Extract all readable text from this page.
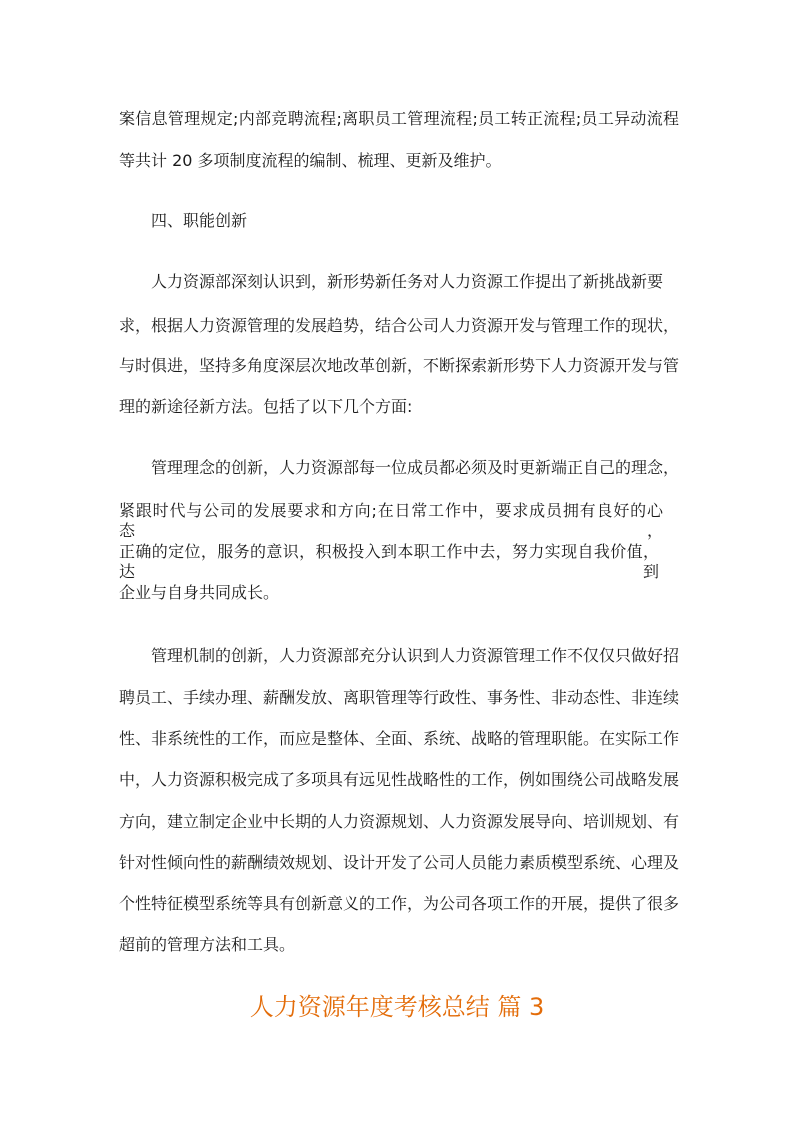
案信息管理规定;内部竞聘流程;离职员工管理流程;员工转正流程;员工异动流程
等共计 20 多项制度流程的编制、梳理、更新及维护。
四、职能创新
人力资源部深刻认识到，新形势新任务对人力资源工作提出了新挑战新要
求，根据人力资源管理的发展趋势，结合公司人力资源开发与管理工作的现状，
与时俱进，坚持多角度深层次地改革创新，不断探索新形势下人力资源开发与管
理的新途径新方法。包括了以下几个方面:
管理理念的创新，人力资源部每一位成员都必须及时更新端正自己的理念，
紧跟时代与公司的发展要求和方向;在日常工作中，要求成员拥有良好的心态，
正确的定位，服务的意识，积极投入到本职工作中去，努力实现自我价值，达到
企业与自身共同成长。
管理机制的创新，人力资源部充分认识到人力资源管理工作不仅仅只做好招
聘员工、手续办理、薪酬发放、离职管理等行政性、事务性、非动态性、非连续
性、非系统性的工作，而应是整体、全面、系统、战略的管理职能。在实际工作
中，人力资源积极完成了多项具有远见性战略性的工作，例如围绕公司战略发展
方向，建立制定企业中长期的人力资源规划、人力资源发展导向、培训规划、有
针对性倾向性的薪酬绩效规划、设计开发了公司人员能力素质模型系统、心理及
个性特征模型系统等具有创新意义的工作，为公司各项工作的开展，提供了很多
超前的管理方法和工具。
人力资源年度考核总结 篇 3
